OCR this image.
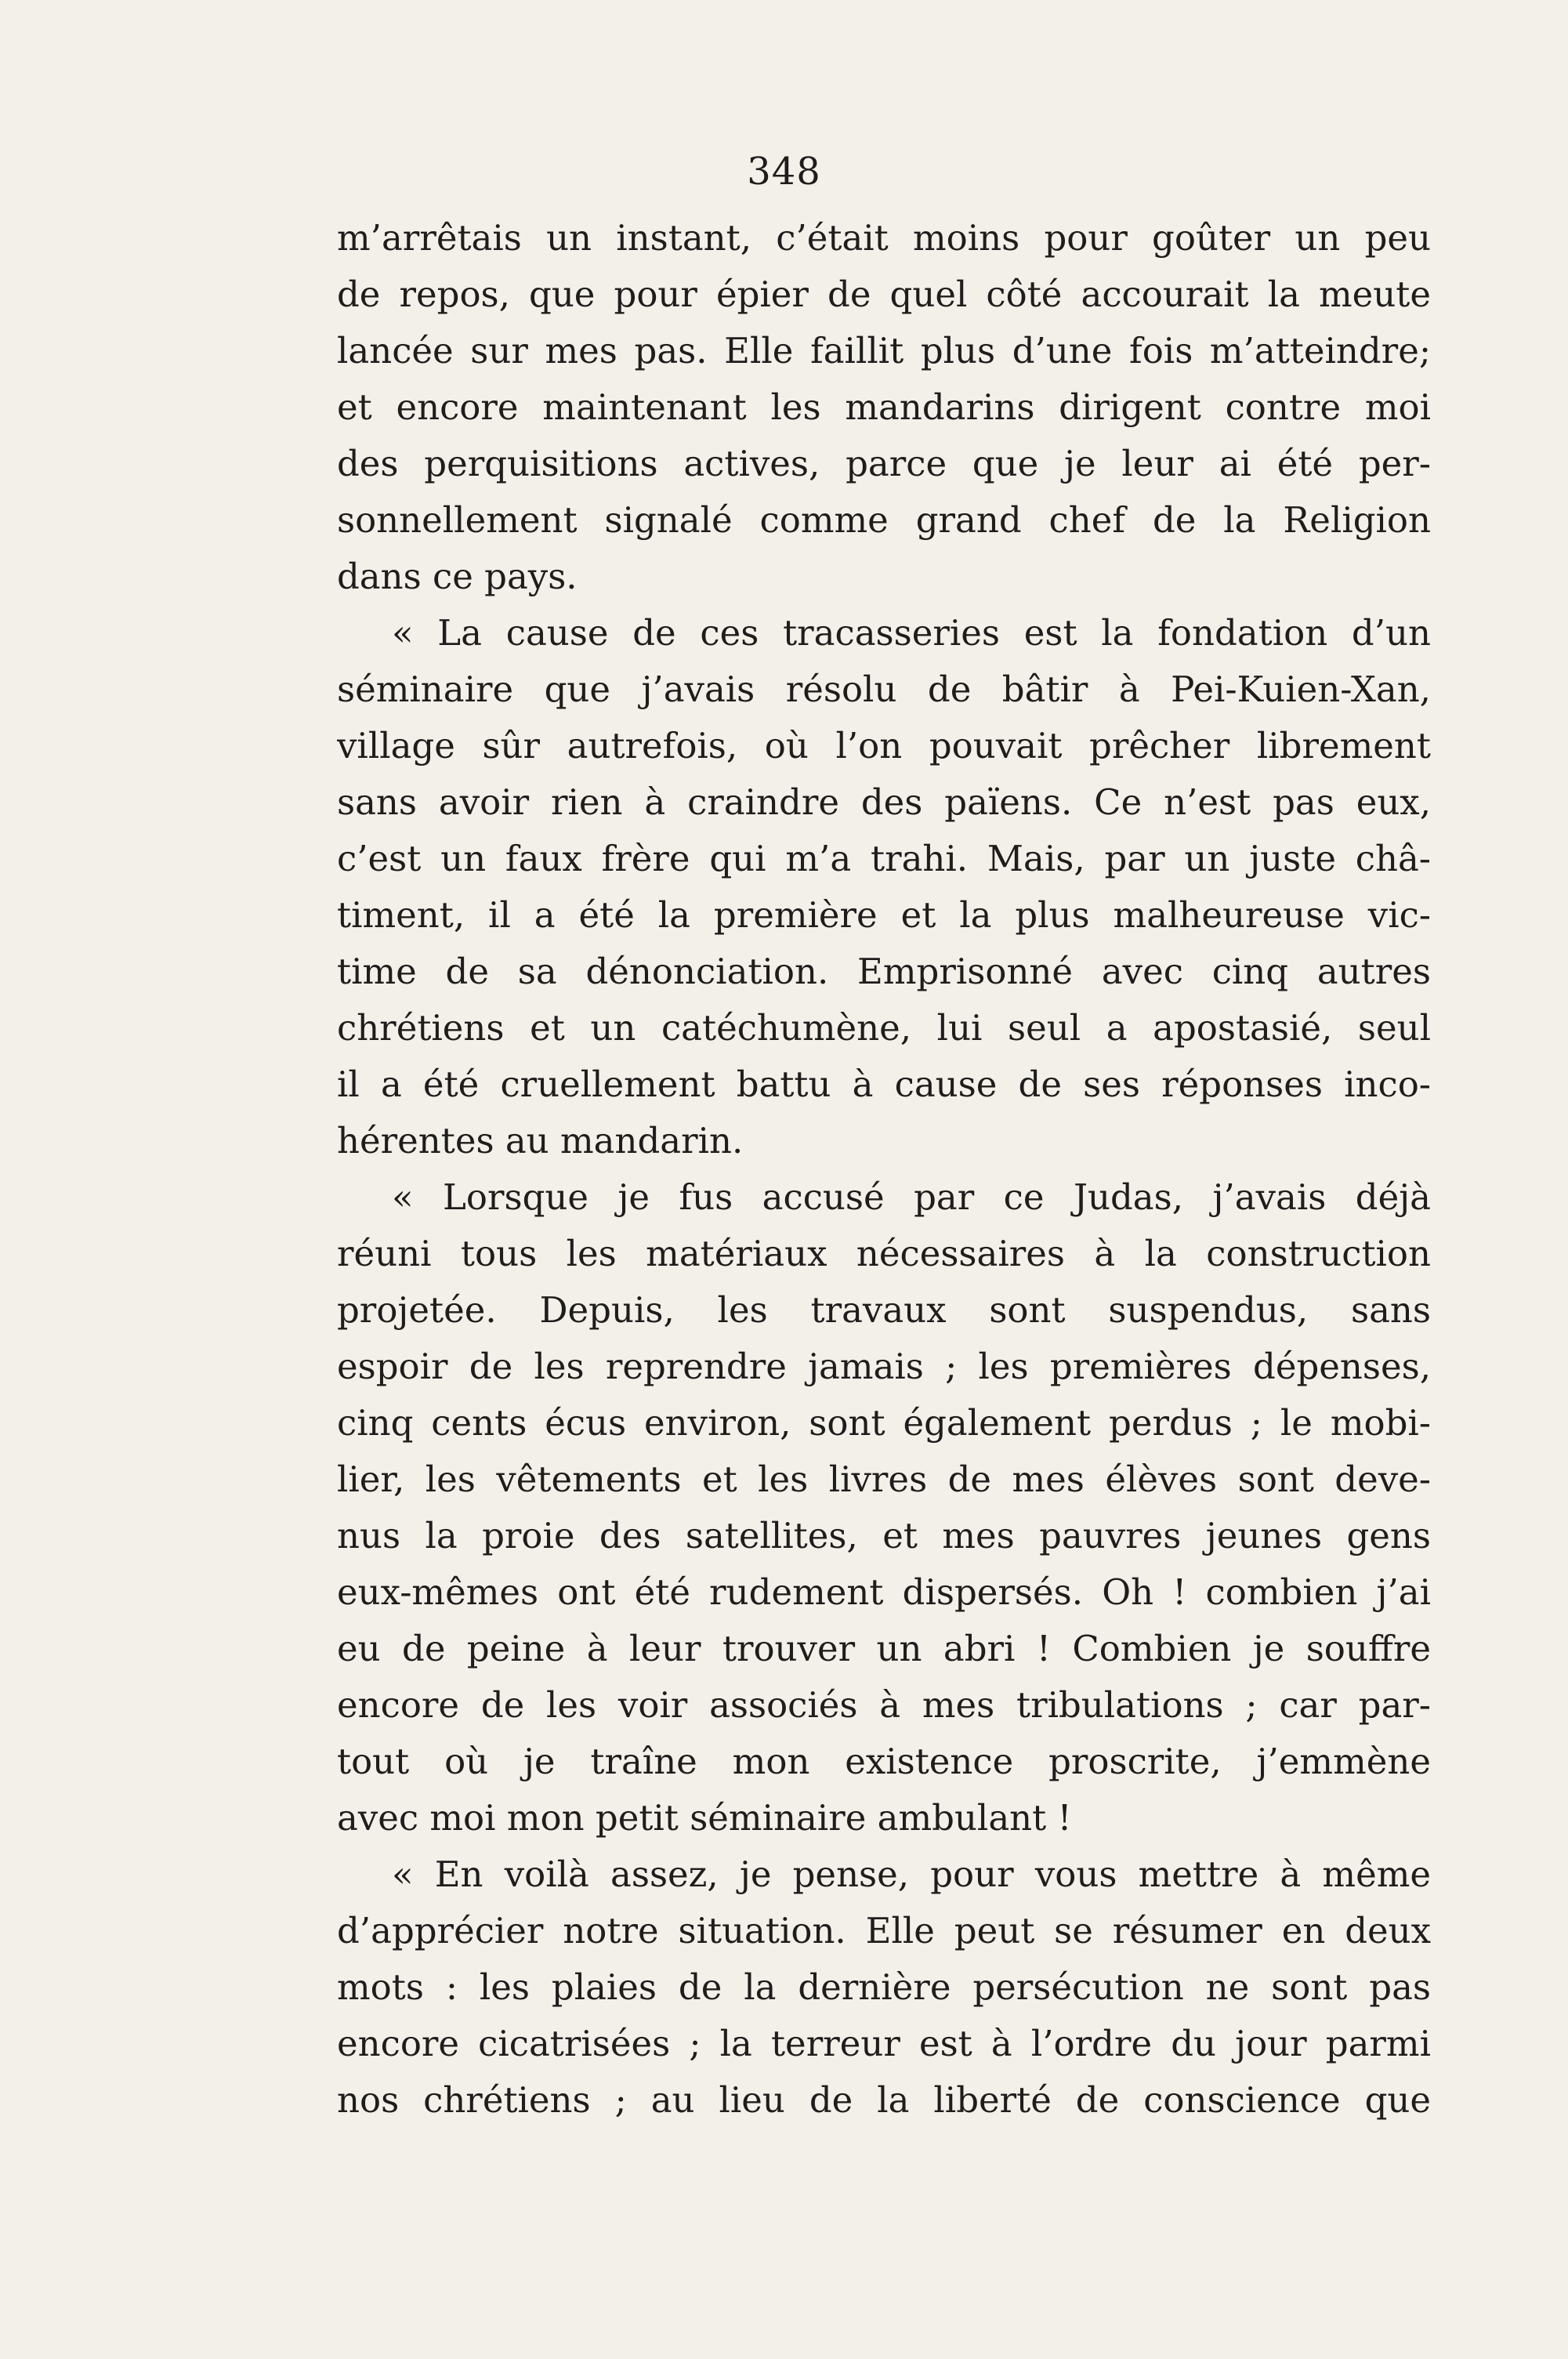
348
m’arrêtais un instant, c’était moins pour goûter un peu
de repos, que pour épier de quel côté accourait la meute
lancée sur mes pas. Elle faillit plus d’une fois m’atteindre;
et encore maintenant les mandarins dirigent contre moi
des perquisitions actives, parce que je leur ai été per-
sonnellement signalé comme grand chef de la Religion
dans ce pays.
« La cause de ces tracasseries est la fondation d’un
séminaire que j’avais résolu de bâtir à Pei-Kuien-Xan,
village sûr autrefois, où l’on pouvait prêcher librement
sans avoir rien à craindre des païens. Ce n’est pas eux,
c’est un faux frère qui m’a trahi. Mais, par un juste châ-
timent, il a été la première et la plus malheureuse vic-
time de sa dénonciation. Emprisonné avec cinq autres
chrétiens et un catéchumène, lui seul a apostasié, seul
il a été cruellement battu à cause de ses réponses inco-
hérentes au mandarin.
« Lorsque je fus accusé par ce Judas, j’avais déjà
réuni tous les matériaux nécessaires à la construction
projetée. Depuis, les travaux sont suspendus, sans
espoir de les reprendre jamais ; les premières dépenses,
cinq cents écus environ, sont également perdus ; le mobi-
lier, les vêtements et les livres de mes élèves sont deve-
nus la proie des satellites, et mes pauvres jeunes gens
eux-mêmes ont été rudement dispersés. Oh ! combien j’ai
eu de peine à leur trouver un abri ! Combien je souffre
encore de les voir associés à mes tribulations ; car par-
tout où je traîne mon existence proscrite, j’emmène
avec moi mon petit séminaire ambulant !
« En voilà assez, je pense, pour vous mettre à même
d’apprécier notre situation. Elle peut se résumer en deux
mots : les plaies de la dernière persécution ne sont pas
encore cicatrisées ; la terreur est à l’ordre du jour parmi
nos chrétiens ; au lieu de la liberté de conscience que
